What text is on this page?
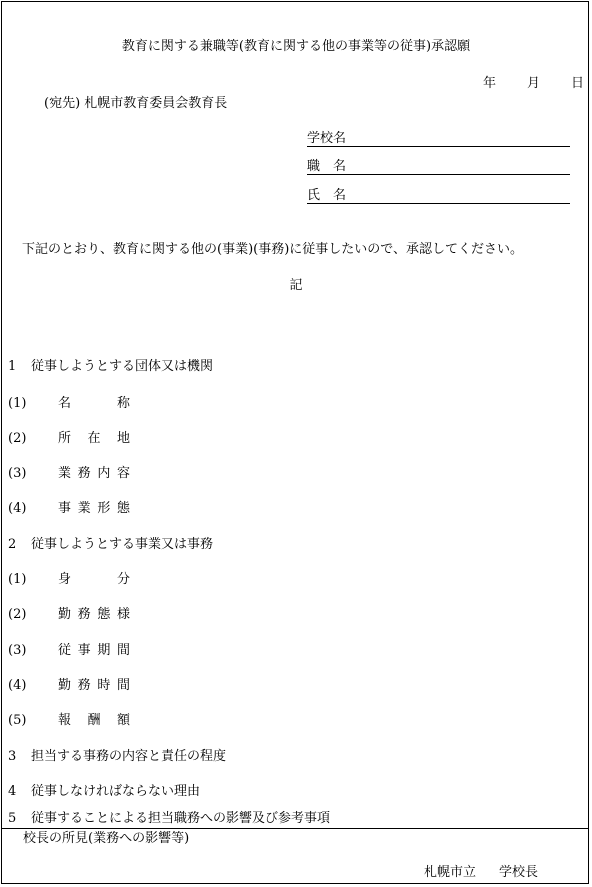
教育に関する兼職等(教育に関する他の事業等の従事)承認願
年 月 日
(宛先) 札幌市教育委員会教育長
学校名
職　名
氏　名
下記のとおり、教育に関する他の(事業)(事務)に従事したいので、承認してください。
記
1 従事しようとする団体又は機関
(1) 名	称
(2) 所 在 地
(3) 業 務 内 容
(4) 事 業 形 態
2 従事しようとする事業又は事務
(1) 身	分
(2) 勤 務 態 様
(3) 従 事 期 間
(4) 勤 務 時 間
(5) 報 酬 額
3 担当する事務の内容と責任の程度
4 従事しなければならない理由
5 従事することによる担当職務への影響及び参考事項
校長の所見(業務への影響等)
札幌市立 学校長
